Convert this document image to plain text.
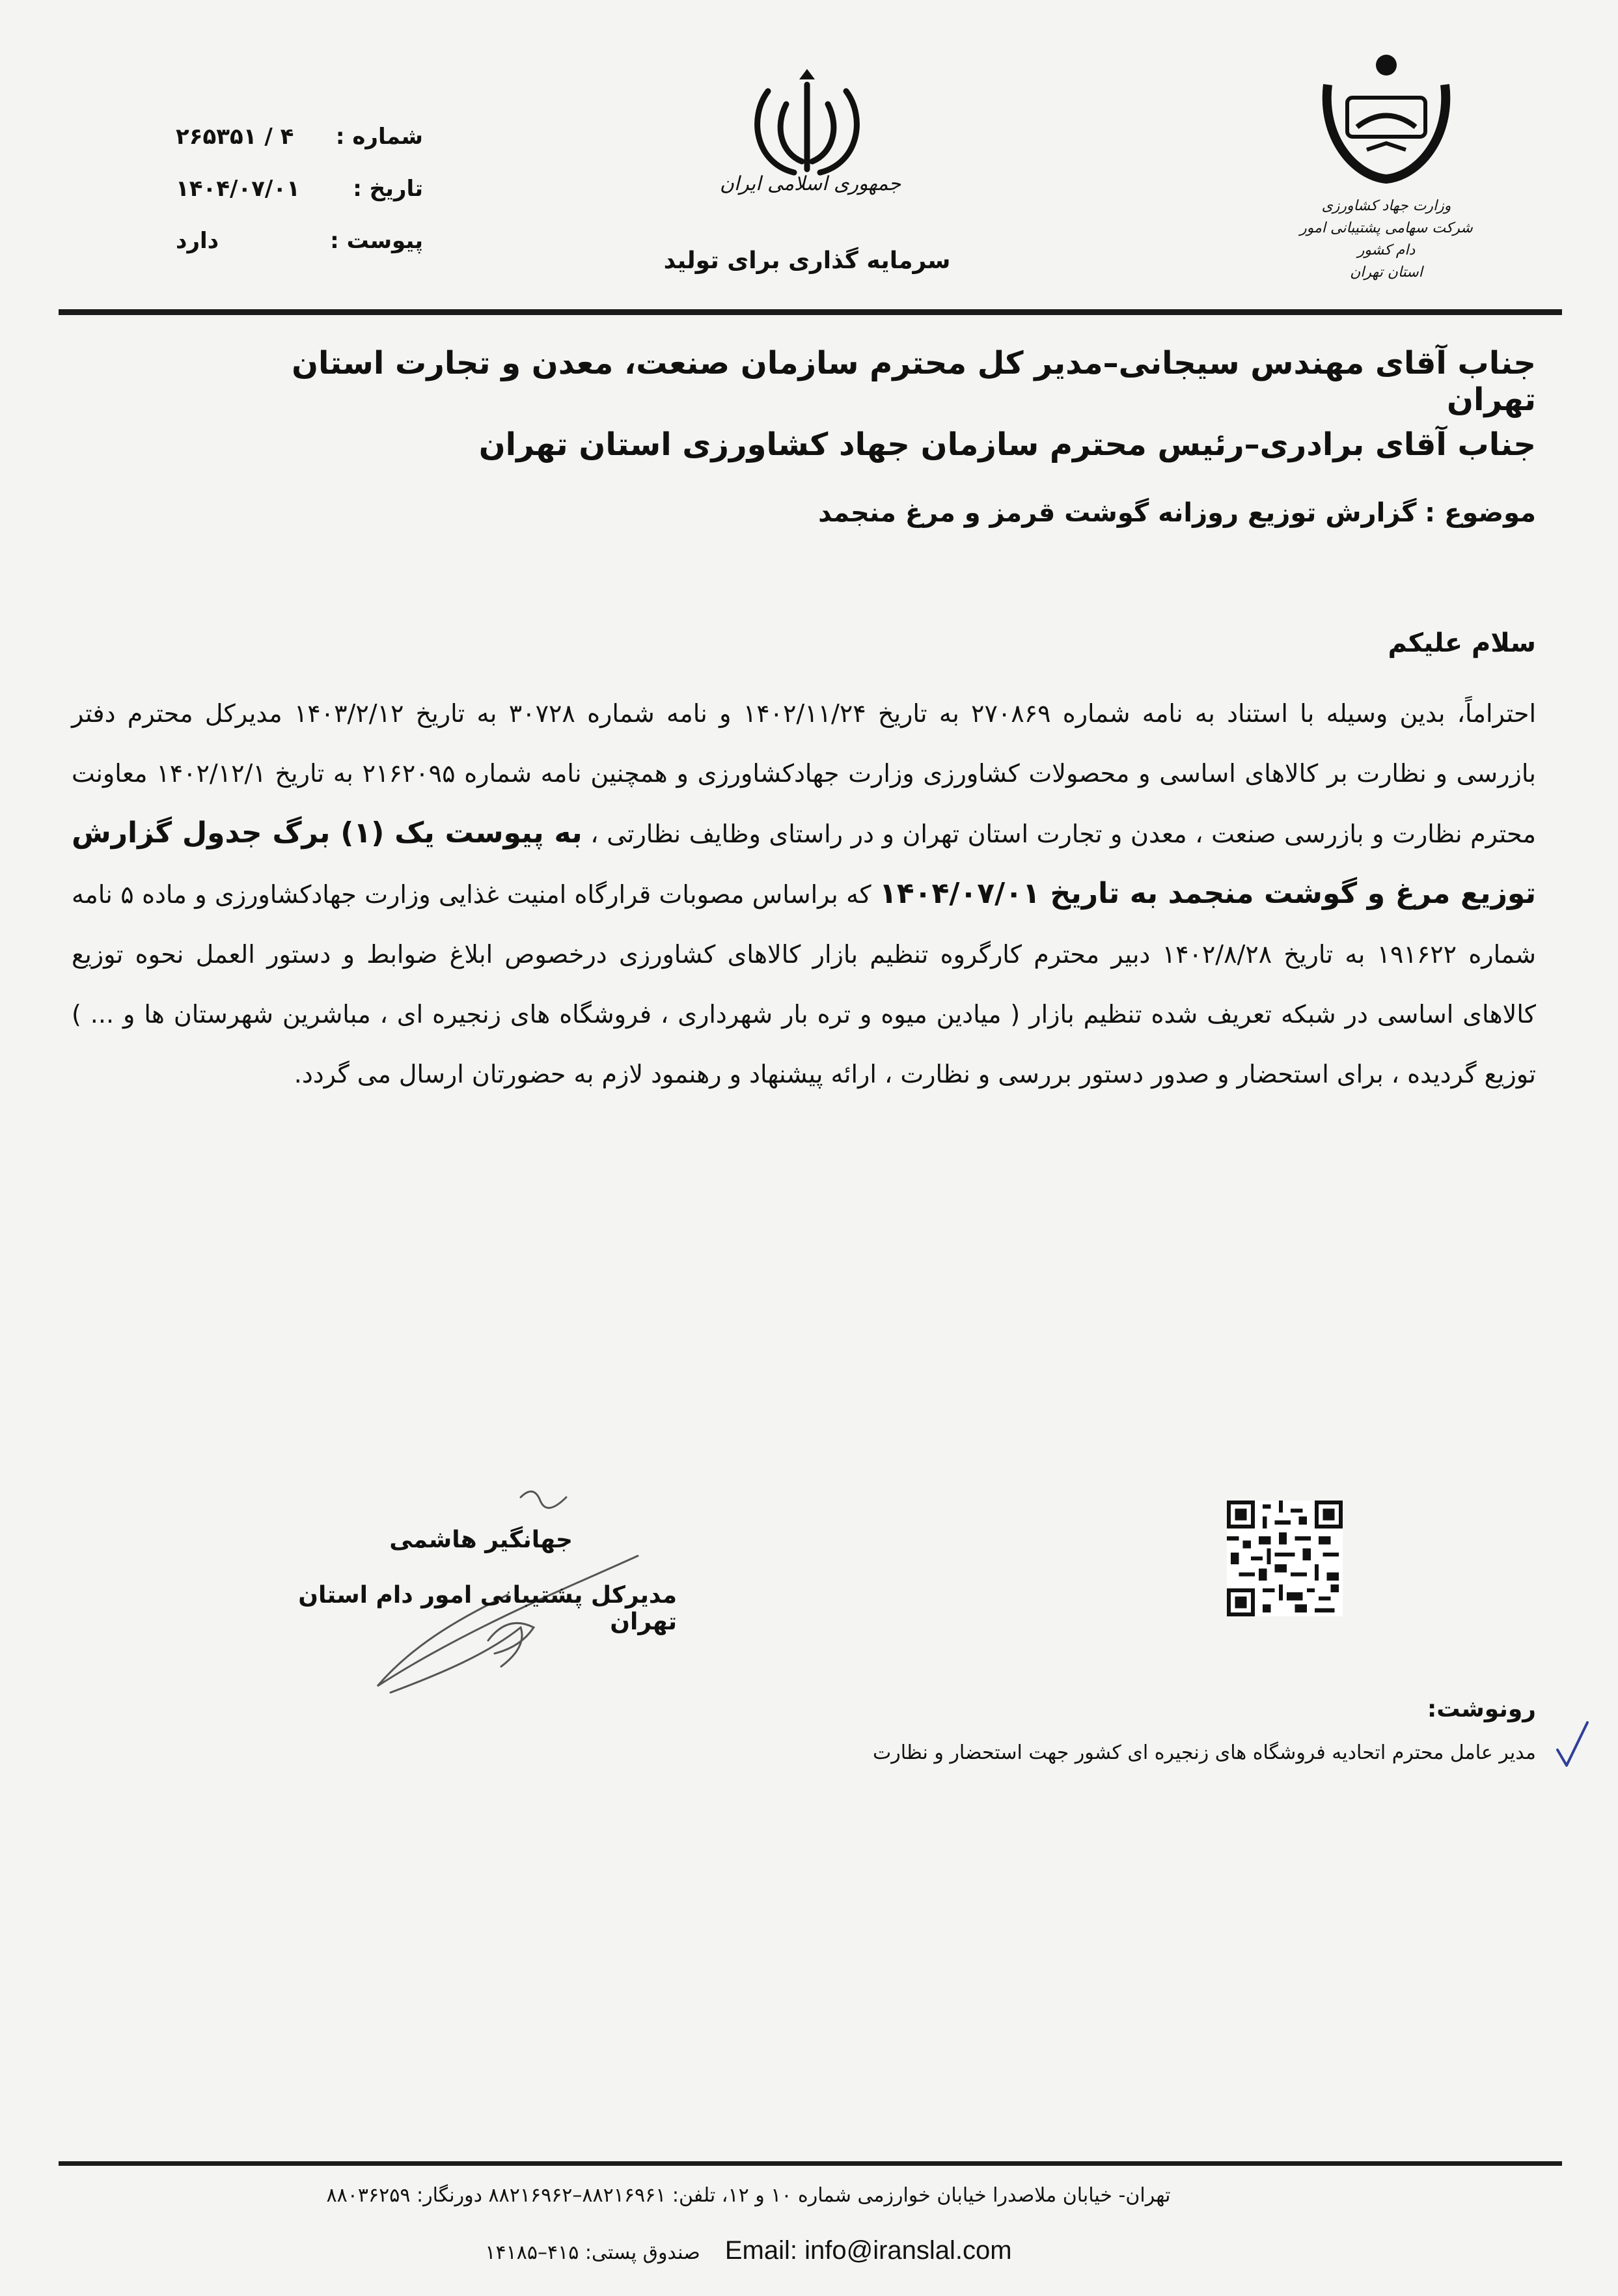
شماره :
۴ / ۲۶۵۳۵۱
تاریخ :
۱۴۰۴/۰۷/۰۱
پیوست :
دارد
جمهوری اسلامی ایران
سرمایه گذاری برای تولید
وزارت جهاد کشاورزی
شرکت سهامی پشتیبانی امور دام کشور
استان تهران
جناب آقای مهندس سیجانی–مدیر کل محترم سازمان صنعت، معدن و تجارت استان تهران
جناب آقای برادری–رئیس محترم سازمان جهاد کشاورزی استان تهران
موضوع : گزارش توزیع روزانه گوشت قرمز و مرغ منجمد
سلام علیکم
احتراماً، بدین وسیله با استناد به نامه شماره ۲۷۰۸۶۹ به تاریخ ۱۴۰۲/۱۱/۲۴ و نامه شماره ۳۰۷۲۸ به تاریخ ۱۴۰۳/۲/۱۲ مدیرکل محترم دفتر بازرسی و نظارت بر کالاهای اساسی و محصولات کشاورزی وزارت جهادکشاورزی و همچنین نامه شماره ۲۱۶۲۰۹۵ به تاریخ ۱۴۰۲/۱۲/۱ معاونت محترم نظارت و بازرسی صنعت ، معدن و تجارت استان تهران و در راستای وظایف نظارتی ، به پیوست یک (۱) برگ جدول گزارش توزیع مرغ و گوشت منجمد به تاریخ ۱۴۰۴/۰۷/۰۱ که براساس مصوبات قرارگاه امنیت غذایی وزارت جهادکشاورزی و ماده ۵ نامه شماره ۱۹۱۶۲۲ به تاریخ ۱۴۰۲/۸/۲۸ دبیر محترم کارگروه تنظیم بازار کالاهای کشاورزی درخصوص ابلاغ ضوابط و دستور العمل نحوه توزیع کالاهای اساسی در شبکه تعریف شده تنظیم بازار ( میادین میوه و تره بار شهرداری ، فروشگاه های زنجیره ای ، مباشرین شهرستان ها و ... ) توزیع گردیده ، برای استحضار و صدور دستور بررسی و نظارت ، ارائه پیشنهاد و رهنمود لازم به حضورتان ارسال می گردد.
جهانگیر هاشمی
مدیرکل پشتیبانی امور دام استان تهران
رونوشت:
مدیر عامل محترم اتحادیه فروشگاه های زنجیره ای کشور جهت استحضار و نظارت
تهران- خیابان ملاصدرا خیابان خوارزمی شماره ۱۰ و ۱۲، تلفن: ۸۸۲۱۶۹۶۱–۸۸۲۱۶۹۶۲ دورنگار: ۸۸۰۳۶۲۵۹
صندوق پستی: ۴۱۵–۱۴۱۸۵ Email: info@iranslal.com
